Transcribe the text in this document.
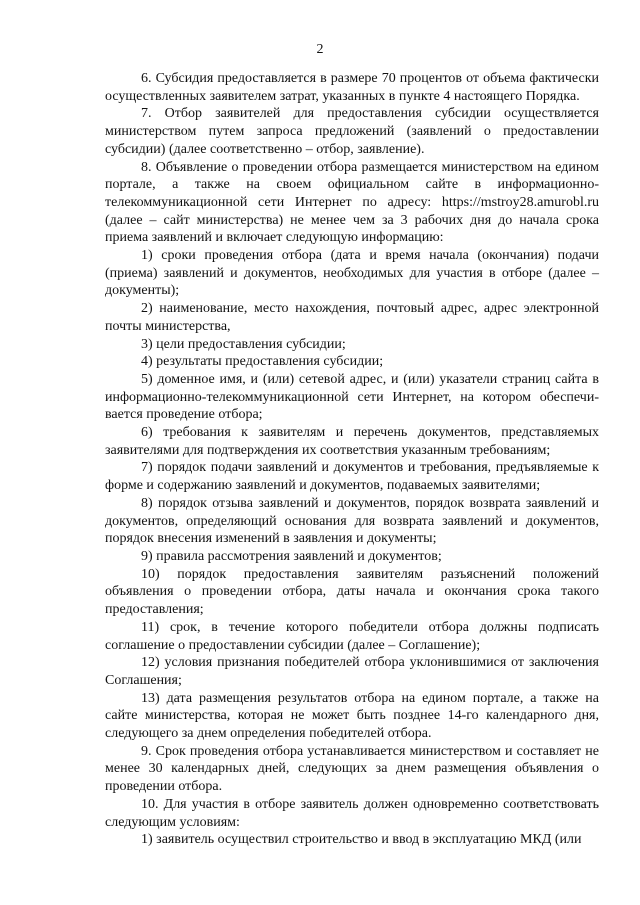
2

6. Субсидия предоставляется в размере 70 процентов от объема фактически осуществленных заявителем затрат, указанных в пункте 4 настоящего Порядка.

7. Отбор заявителей для предоставления субсидии осуществляется министерством путем запроса предложений (заявлений о предоставлении субсидии) (далее соответственно – отбор, заявление).

8. Объявление о проведении отбора размещается министерством на едином портале, а также на своем официальном сайте в информационно-телекоммуникационной сети Интернет по адресу: https://mstroy28.amurobl.ru (далее – сайт министерства) не менее чем за 3 рабочих дня до начала срока приема заявлений и включает следующую информацию:

1) сроки проведения отбора (дата и время начала (окончания) подачи (приема) заявлений и документов, необходимых для участия в отборе (далее – документы);

2) наименование, место нахождения, почтовый адрес, адрес электронной почты министерства,

3) цели предоставления субсидии;

4) результаты предоставления субсидии;

5) доменное имя, и (или) сетевой адрес, и (или) указатели страниц сайта в информационно-телекоммуникационной сети Интернет, на котором обеспечивается проведение отбора;

6) требования к заявителям и перечень документов, представляемых заявителями для подтверждения их соответствия указанным требованиям;

7) порядок подачи заявлений и документов и требования, предъявляемые к форме и содержанию заявлений и документов, подаваемых заявителями;

8) порядок отзыва заявлений и документов, порядок возврата заявлений и документов, определяющий основания для возврата заявлений и документов, порядок внесения изменений в заявления и документы;

9) правила рассмотрения заявлений и документов;

10) порядок предоставления заявителям разъяснений положений объявления о проведении отбора, даты начала и окончания срока такого предоставления;

11) срок, в течение которого победители отбора должны подписать соглашение о предоставлении субсидии (далее – Соглашение);

12) условия признания победителей отбора уклонившимися от заключения Соглашения;

13) дата размещения результатов отбора на едином портале, а также на сайте министерства, которая не может быть позднее 14-го календарного дня, следующего за днем определения победителей отбора.

9. Срок проведения отбора устанавливается министерством и составляет не менее 30 календарных дней, следующих за днем размещения объявления о проведении отбора.

10. Для участия в отборе заявитель должен одновременно соответствовать следующим условиям:

1) заявитель осуществил строительство и ввод в эксплуатацию МКД (или
